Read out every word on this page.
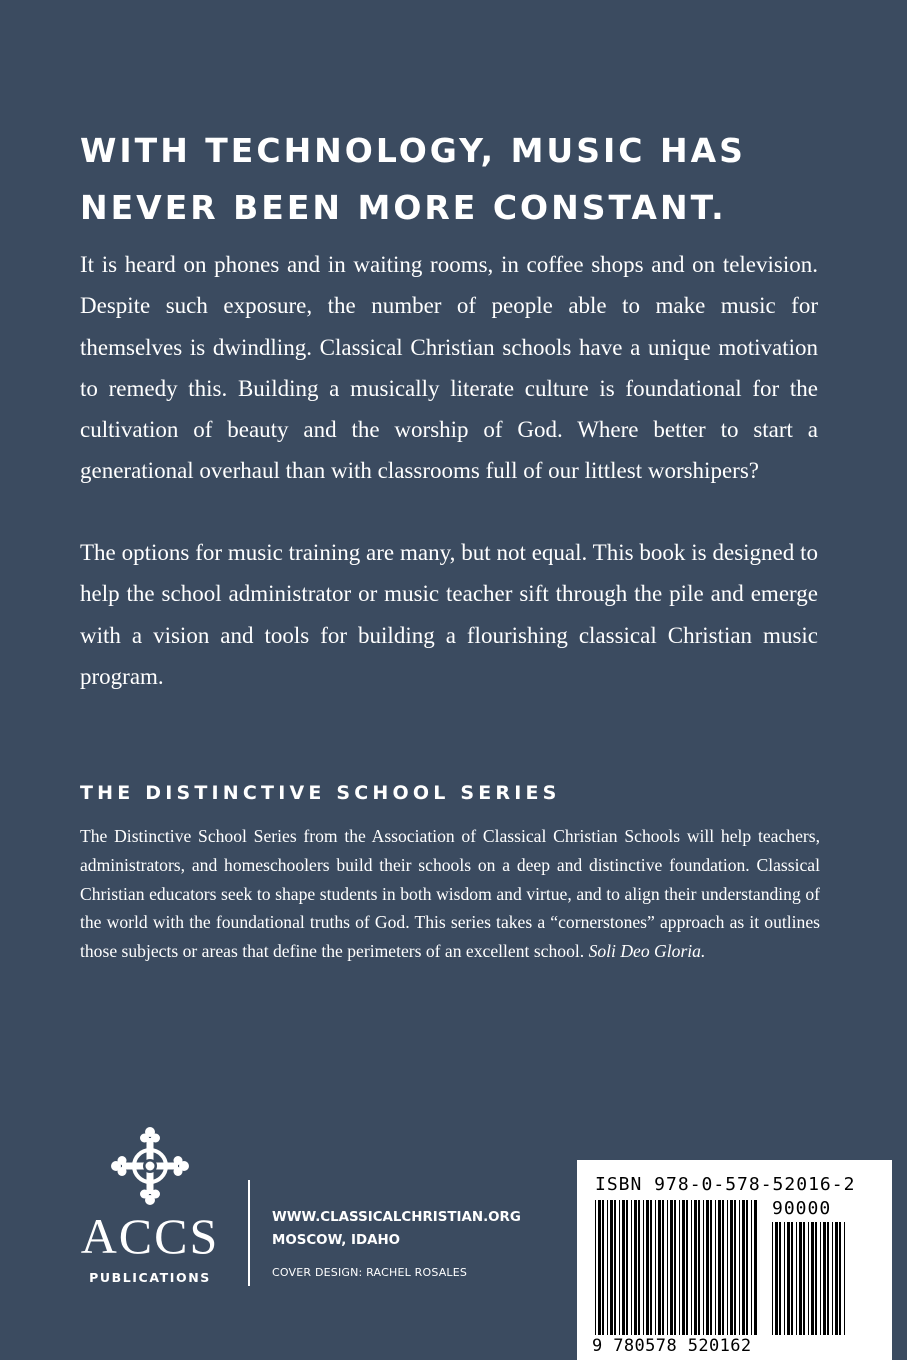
WITH TECHNOLOGY, MUSIC HAS NEVER BEEN MORE CONSTANT.

It is heard on phones and in waiting rooms, in coffee shops and on television. Despite such exposure, the number of people able to make music for themselves is dwindling. Classical Christian schools have a unique motivation to remedy this. Building a musically literate culture is foundational for the cultivation of beauty and the worship of God. Where better to start a generational overhaul than with classrooms full of our littlest worshipers?

The options for music training are many, but not equal. This book is designed to help the school administrator or music teacher sift through the pile and emerge with a vision and tools for building a flourishing classical Christian music program.

THE DISTINCTIVE SCHOOL SERIES

The Distinctive School Series from the Association of Classical Christian Schools will help teachers, administrators, and homeschoolers build their schools on a deep and distinctive foundation. Classical Christian educators seek to shape students in both wisdom and virtue, and to align their understanding of the world with the foundational truths of God. This series takes a “cornerstones” approach as it outlines those subjects or areas that define the perimeters of an excellent school. Soli Deo Gloria.

ACCS
PUBLICATIONS
WWW.CLASSICALCHRISTIAN.ORG
MOSCOW, IDAHO
COVER DESIGN: RACHEL ROSALES
ISBN 978-0-578-52016-2
90000
9 780578 520162
